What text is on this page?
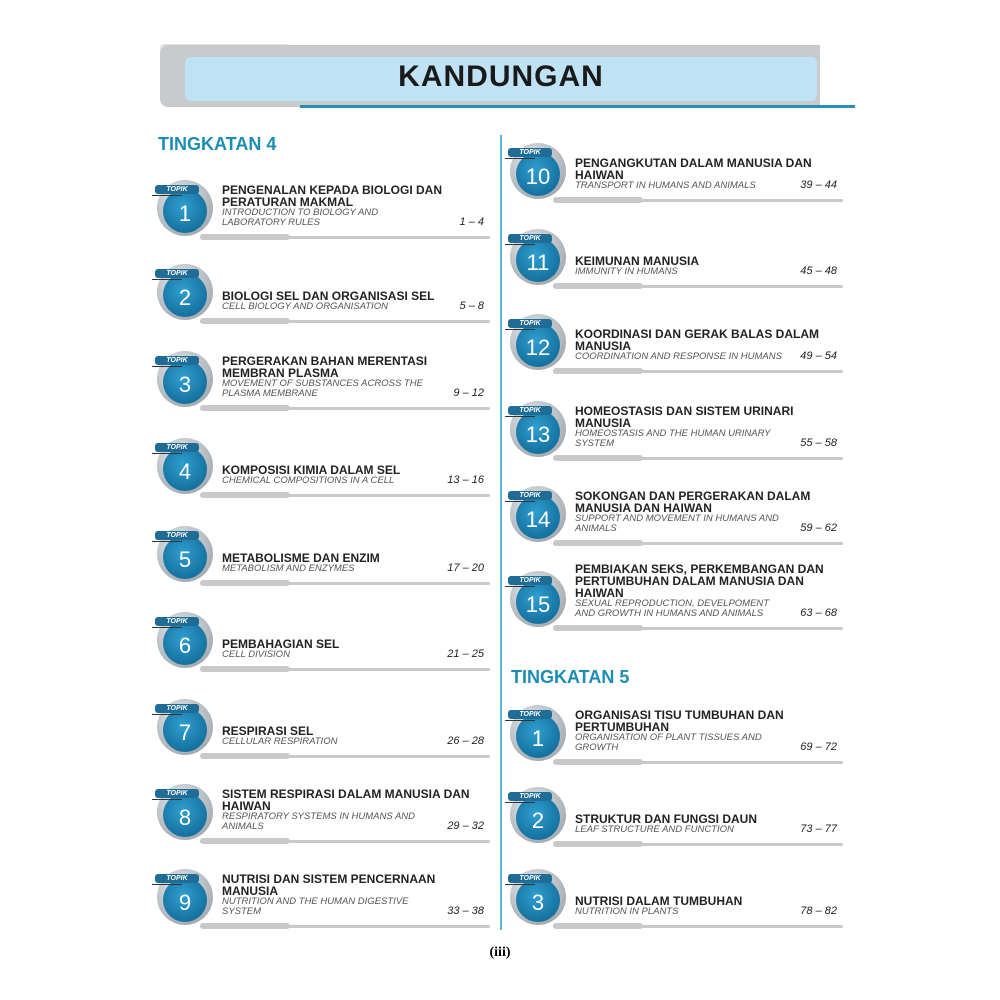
KANDUNGAN
TINGKATAN 4
TINGKATAN 5
1
TOPIK	PENGENALAN KEPADA BIOLOGI DAN PERATURAN MAKMAL
INTRODUCTION TO BIOLOGY AND LABORATORY RULES	1 – 4
2
TOPIK
BIOLOGI SEL DAN ORGANISASI SEL
CELL BIOLOGY AND ORGANISATION	5 – 8
3
TOPIK	PERGERAKAN BAHAN MERENTASI MEMBRAN PLASMA
MOVEMENT OF SUBSTANCES ACROSS THE PLASMA MEMBRANE	9 – 12
4
TOPIK
KOMPOSISI KIMIA DALAM SEL
CHEMICAL COMPOSITIONS IN A CELL	13 – 16
5
TOPIK
METABOLISME DAN ENZIM
METABOLISM AND ENZYMES	17 – 20
6
TOPIK
PEMBAHAGIAN SEL
CELL DIVISION	21 – 25
7
TOPIK
RESPIRASI SEL
CELLULAR RESPIRATION	26 – 28
8
TOPIK	SISTEM RESPIRASI DALAM MANUSIA DAN HAIWAN
RESPIRATORY SYSTEMS IN HUMANS AND ANIMALS	29 – 32
9
TOPIK	NUTRISI DAN SISTEM PENCERNAAN MANUSIA
NUTRITION AND THE HUMAN DIGESTIVE SYSTEM	33 – 38
10
TOPIK
PENGANGKUTAN DALAM MANUSIA DAN HAIWAN
TRANSPORT IN HUMANS AND ANIMALS	39 – 44
11
TOPIK
KEIMUNAN MANUSIA
IMMUNITY IN HUMANS	45 – 48
12
TOPIK
KOORDINASI DAN GERAK BALAS DALAM MANUSIA
COORDINATION AND RESPONSE IN HUMANS	49 – 54
13
TOPIK	HOMEOSTASIS DAN SISTEM URINARI MANUSIA
HOMEOSTASIS AND THE HUMAN URINARY SYSTEM	55 – 58
14
TOPIK	SOKONGAN DAN PERGERAKAN DALAM MANUSIA DAN HAIWAN
SUPPORT AND MOVEMENT IN HUMANS AND ANIMALS	59 – 62
15
TOPIK
PEMBIAKAN SEKS, PERKEMBANGAN DAN PERTUMBUHAN DALAM MANUSIA DAN HAIWAN
SEXUAL REPRODUCTION, DEVELPOMENT AND GROWTH IN HUMANS AND ANIMALS	63 – 68
1
TOPIK	ORGANISASI TISU TUMBUHAN DAN PERTUMBUHAN
ORGANISATION OF PLANT TISSUES AND GROWTH	69 – 72
2
TOPIK
STRUKTUR DAN FUNGSI DAUN
LEAF STRUCTURE AND FUNCTION	73 – 77
3
TOPIK
NUTRISI DALAM TUMBUHAN
NUTRITION IN PLANTS	78 – 82
(iii)
